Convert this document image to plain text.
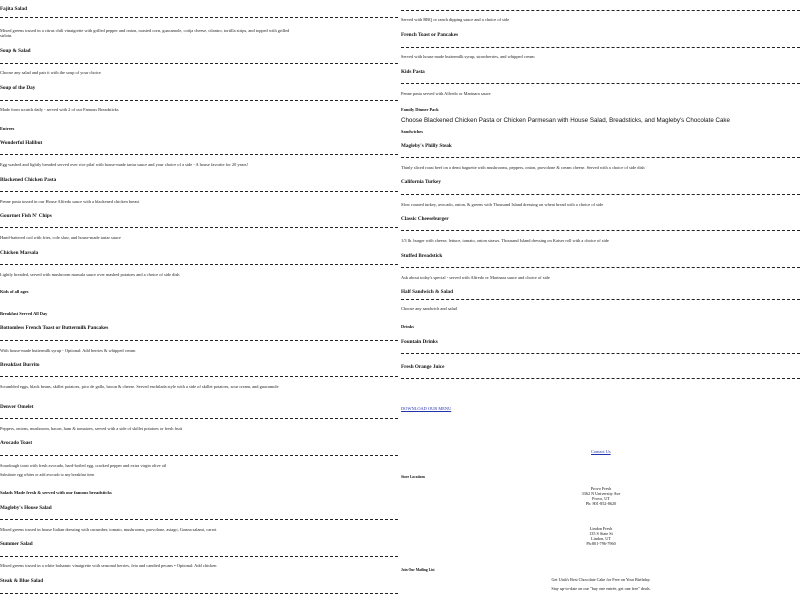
Fajita Salad

Mixed greens tossed in a citrus chili vinaigrette with grilled pepper and onion, roasted corn, guacamole, cotija cheese, cilantro, tortilla strips, and topped with grilled sirloin.

Soup & Salad

Choose any salad and pair it with the soup of your choice

Soup of the Day

Made from scratch daily - served with 2 of our Famous Breadsticks

Entrees

Wonderful Halibut

Egg washed and lightly breaded served over rice pilaf with house-made tartar sauce and your choice of a side - A house favorite for 20 years!

Blackened Chicken Pasta

Penne pasta tossed in our House Alfredo sauce with a blackened chicken breast

Gourmet Fish N' Chips

Hand-battered cod with fries, cole slaw, and house-made tartar sauce

Chicken Marsala

Lightly breaded, served with mushroom marsala sauce over mashed potatoes and a choice of side dish

Kids of all ages

Breakfast Served All Day

Bottomless French Toast or Buttermilk Pancakes

With house-made buttermilk syrup - Optional: Add berries & whipped cream

Breakfast Burrito

Scrambled eggs, black beans, skillet potatoes, pico de gallo, bacon & cheese. Served enchilada style with a side of skillet potatoes, sour cream, and guacamole

Denver Omelet

Peppers, onions, mushroom, bacon, ham & tomatoes, served with a side of skillet potatoes or fresh fruit

Avocado Toast

Sourdough toast with fresh avocado, hard-boiled egg, cracked pepper and extra virgin olive oil

Substitute egg whites or add avocado to any breakfast item

Salads Made fresh & served with our famous breadsticks

Magleby's House Salad

Mixed greens tossed in house Italian dressing with cucumber, tomato, mushrooms, provolone, asiago, Gonna salami, carrot

Summer Salad

Mixed greens tossed in a white balsamic vinaigrette with seasonal berries, feta and candied pecans • Optional: Add chicken

Steak & Blue Salad

Served with BBQ or ranch dipping sauce and a choice of side

French Toast or Pancakes

Served with house made buttermilk syrup, strawberries, and whipped cream

Kids Pasta

Penne pasta served with Alfredo or Marinara sauce

Family Dinner Pack

Choose Blackened Chicken Pasta or Chicken Parmesan with House Salad, Breadsticks, and Magleby's Chocolate Cake

Sandwiches

Magleby's Philly Steak

Thinly sliced roast beef on a demi baguette with mushrooms, peppers, onion, provolone & cream cheese. Served with a choice of side dish

California Turkey

Slow roasted turkey, avocado, onion, & greens with Thousand Island dressing on wheat bread with a choice of side

Classic Cheeseburger

1/3 lb. burger with cheese, lettuce, tomato, onion straws. Thousand Island dressing on Kaiser roll with a choice of side

Stuffed Breadstick

Ask about today's special - served with Alfredo or Marinara sauce and choice of side

Half Sandwich & Salad

Choose any sandwich and salad

Drinks

Fountain Drinks

Fresh Orange Juice

DOWNLOAD OUR MENU
Contact Us

Store Locations

Provo Fresh
3362 N University Ave
Provo, UT
Ph: 801-852-8620
Lindon Fresh
135 S State St
Lindon, UT
Ph:801-796-7960

Join Our Mailing List

Get Utah's Best Chocolate Cake for Free on Your Birthday.
Stay up-to-date on our "buy one entrée, get one free" deals.
